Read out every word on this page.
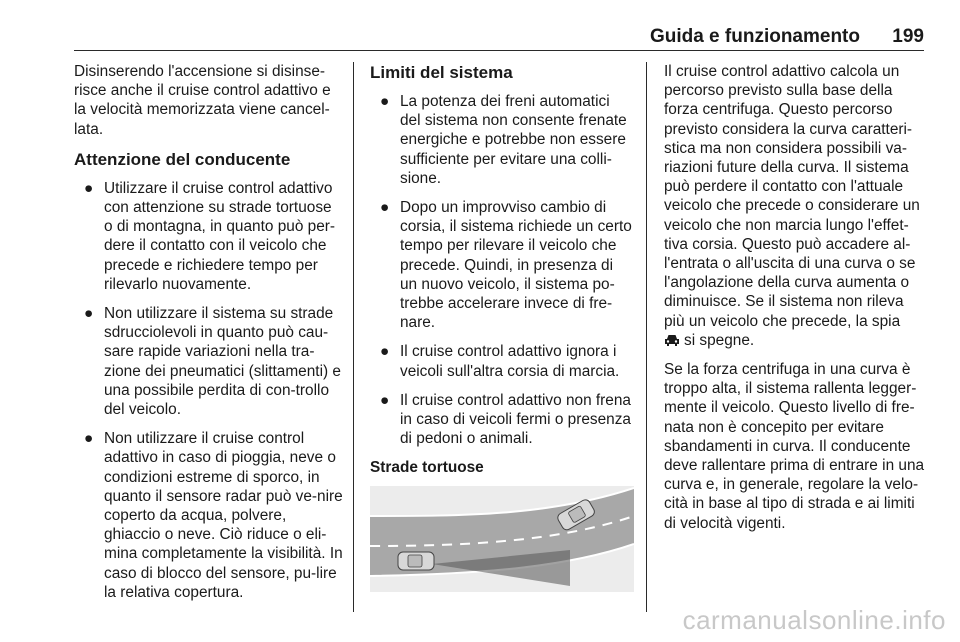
Guida e funzionamento 199

Disinserendo l'accensione si disinse-risce anche il cruise control adattivo e la velocità memorizzata viene cancel-lata.

Attenzione del conducente
● Utilizzare il cruise control adattivo con attenzione su strade tortuose o di montagna, in quanto può per-dere il contatto con il veicolo che precede e richiedere tempo per rilevarlo nuovamente.
● Non utilizzare il sistema su strade sdrucciolevoli in quanto può cau-sare rapide variazioni nella tra-zione dei pneumatici (slittamenti) e una possibile perdita di con-trollo del veicolo.
● Non utilizzare il cruise control adattivo in caso di pioggia, neve o condizioni estreme di sporco, in quanto il sensore radar può ve-nire coperto da acqua, polvere, ghiaccio o neve. Ciò riduce o eli-mina completamente la visibilità. In caso di blocco del sensore, pu-lire la relativa copertura.
Limiti del sistema
● La potenza dei freni automatici del sistema non consente frenate energiche e potrebbe non essere sufficiente per evitare una colli-sione.
● Dopo un improvviso cambio di corsia, il sistema richiede un certo tempo per rilevare il veicolo che precede. Quindi, in presenza di un nuovo veicolo, il sistema po-trebbe accelerare invece di fre-nare.
● Il cruise control adattivo ignora i veicoli sull'altra corsia di marcia.
● Il cruise control adattivo non frena in caso di veicoli fermi o presenza di pedoni o animali.
Strade tortuose

Il cruise control adattivo calcola un percorso previsto sulla base della forza centrifuga. Questo percorso previsto considera la curva caratteri-stica ma non considera possibili va-riazioni future della curva. Il sistema può perdere il contatto con l'attuale veicolo che precede o considerare un veicolo che non marcia lungo l'effet-tiva corsia. Questo può accadere al-l'entrata o all'uscita di una curva o se l'angolazione della curva aumenta o diminuisce. Se il sistema non rileva più un veicolo che precede, la spia
si spegne.

Se la forza centrifuga in una curva è troppo alta, il sistema rallenta legger-mente il veicolo. Questo livello di fre-nata non è concepito per evitare sbandamenti in curva. Il conducente deve rallentare prima di entrare in una curva e, in generale, regolare la velo-cità in base al tipo di strada e ai limiti di velocità vigenti.

carmanualsonline.info
